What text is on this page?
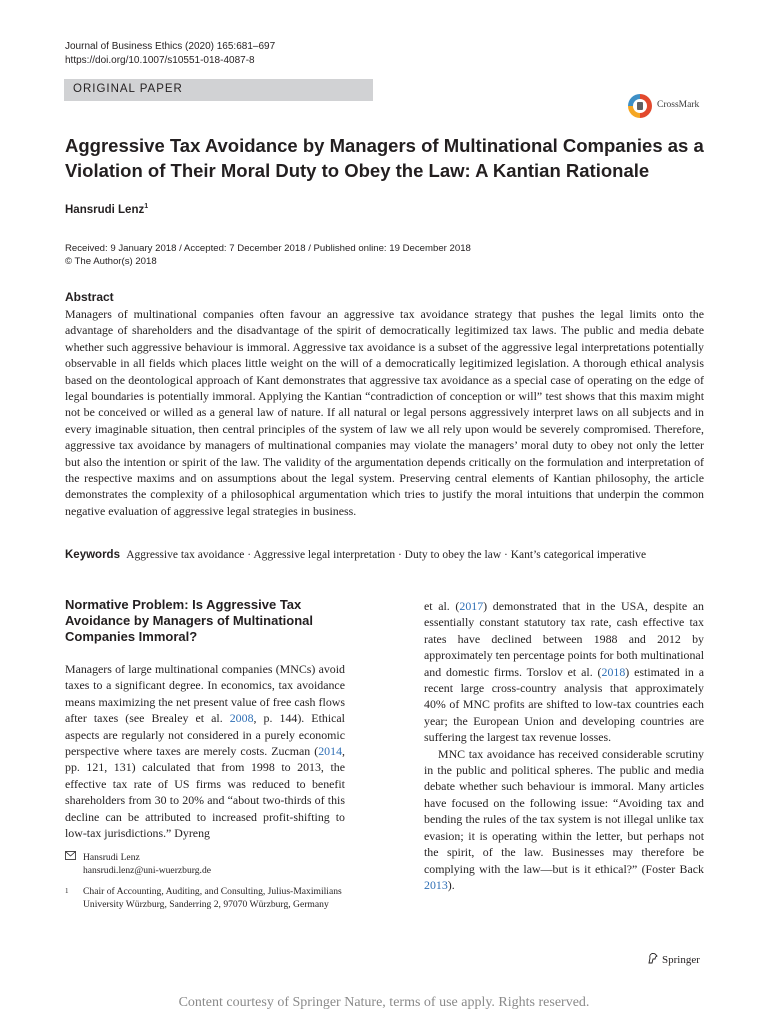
Journal of Business Ethics (2020) 165:681–697
https://doi.org/10.1007/s10551-018-4087-8
ORIGINAL PAPER
CrossMark
Aggressive Tax Avoidance by Managers of Multinational Companies as a Violation of Their Moral Duty to Obey the Law: A Kantian Rationale
Hansrudi Lenz$^1$
Received: 9 January 2018 / Accepted: 7 December 2018 / Published online: 19 December 2018
© The Author(s) 2018
Abstract

Managers of multinational companies often favour an aggressive tax avoidance strategy that pushes the legal limits onto the advantage of shareholders and the disadvantage of the spirit of democratically legitimized tax laws. The public and media debate whether such aggressive behaviour is immoral. Aggressive tax avoidance is a subset of the aggressive legal interpretations potentially observable in all fields which places little weight on the will of a democratically legitimized legislation. A thorough ethical analysis based on the deontological approach of Kant demonstrates that aggressive tax avoidance as a special case of operating on the edge of legal boundaries is potentially immoral. Applying the Kantian “contradiction of conception or will” test shows that this maxim might not be conceived or willed as a general law of nature. If all natural or legal persons aggressively interpret laws on all subjects and in every imaginable situation, then central principles of the system of law we all rely upon would be severely compromised. Therefore, aggressive tax avoidance by managers of multinational companies may violate the managers’ moral duty to obey not only the letter but also the intention or spirit of the law. The validity of the argumentation depends critically on the formulation and interpretation of the respective maxims and on assumptions about the legal system. Preserving central elements of Kantian philosophy, the article demonstrates the complexity of a philosophical argumentation which tries to justify the moral intuitions that underpin the common negative evaluation of aggressive legal strategies in business.

Keywords Aggressive tax avoidance · Aggressive legal interpretation · Duty to obey the law · Kant’s categorical imperative
Normative Problem: Is Aggressive Tax Avoidance by Managers of Multinational Companies Immoral?

Managers of large multinational companies (MNCs) avoid taxes to a significant degree. In economics, tax avoidance means maximizing the net present value of free cash flows after taxes (see Brealey et al. 2008, p. 144). Ethical aspects are regularly not considered in a purely economic perspective where taxes are merely costs. Zucman (2014, pp. 121, 131) calculated that from 1998 to 2013, the effective tax rate of US firms was reduced to benefit shareholders from 30 to 20% and “about two-thirds of this decline can be attributed to increased profit-shifting to low-tax jurisdictions.” Dyreng

et al. (2017) demonstrated that in the USA, despite an essentially constant statutory tax rate, cash effective tax rates have declined between 1988 and 2012 by approximately ten percentage points for both multinational and domestic firms. Torslov et al. (2018) estimated in a recent large cross-country analysis that approximately 40% of MNC profits are shifted to low-tax countries each year; the European Union and developing countries are suffering the largest tax revenue losses.

MNC tax avoidance has received considerable scrutiny in the public and political spheres. The public and media debate whether such behaviour is immoral. Many articles have focused on the following issue: “Avoiding tax and bending the rules of the tax system is not illegal unlike tax evasion; it is operating within the letter, but perhaps not the spirit, of the law. Businesses may therefore be complying with the law—but is it ethical?” (Foster Back 2013).

Hansrudi Lenz
hansrudi.lenz@uni-wuerzburg.de
1	Chair of Accounting, Auditing, and Consulting, Julius-Maximilians University Würzburg, Sanderring 2, 97070 Würzburg, Germany
Springer
Content courtesy of Springer Nature, terms of use apply. Rights reserved.
